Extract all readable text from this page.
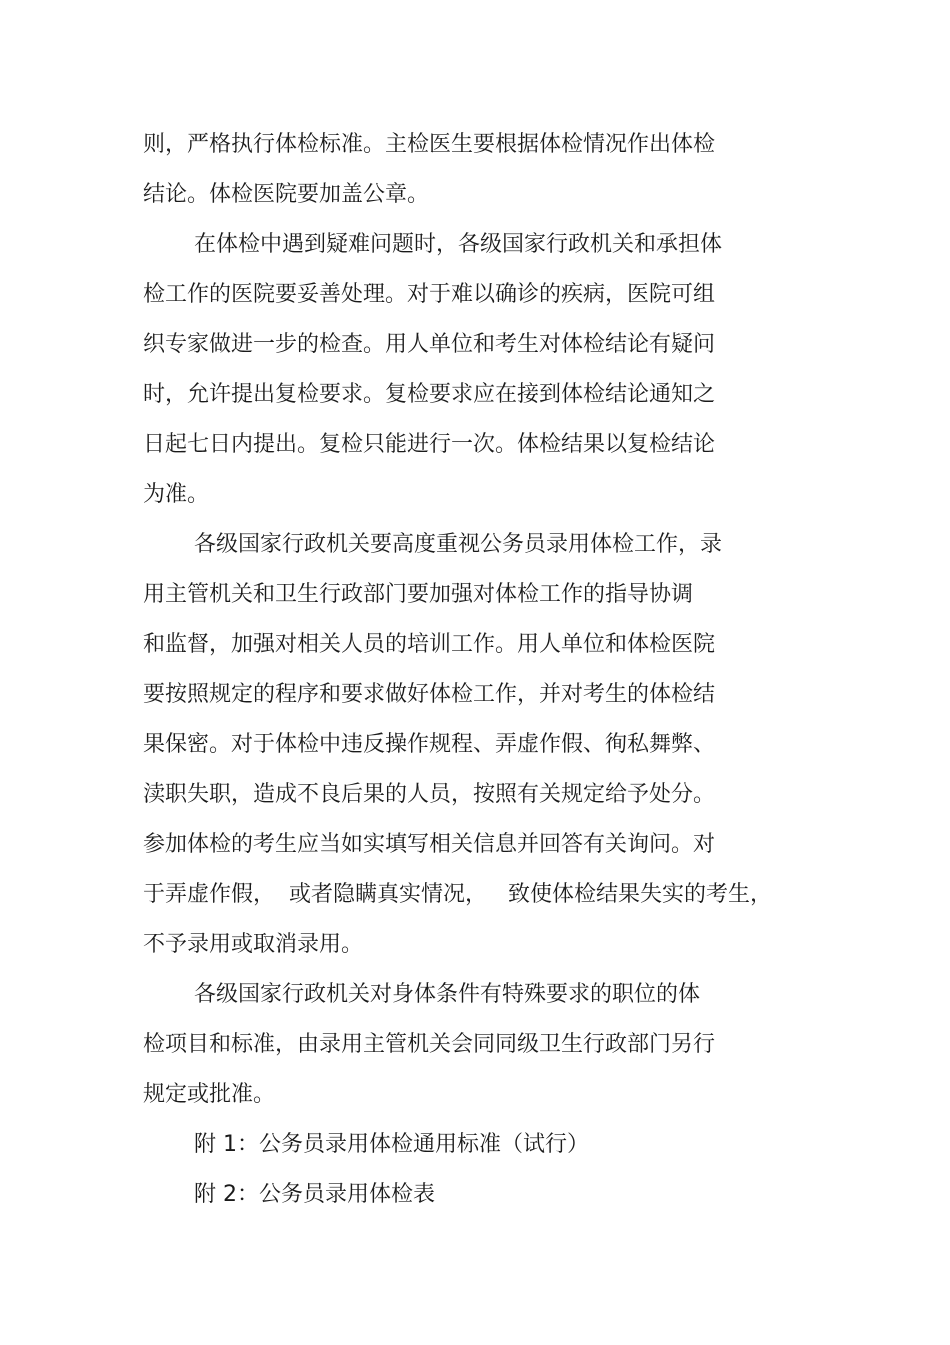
则，严格执行体检标准。主检医生要根据体检情况作出体检

结论。体检医院要加盖公章。

在体检中遇到疑难问题时，各级国家行政机关和承担体

检工作的医院要妥善处理。对于难以确诊的疾病，医院可组

织专家做进一步的检查。用人单位和考生对体检结论有疑问

时，允许提出复检要求。复检要求应在接到体检结论通知之

日起七日内提出。复检只能进行一次。体检结果以复检结论

为准。

各级国家行政机关要高度重视公务员录用体检工作，录

用主管机关和卫生行政部门要加强对体检工作的指导协调

和监督，加强对相关人员的培训工作。用人单位和体检医院

要按照规定的程序和要求做好体检工作，并对考生的体检结

果保密。对于体检中违反操作规程、弄虚作假、徇私舞弊、

渎职失职，造成不良后果的人员，按照有关规定给予处分。

参加体检的考生应当如实填写相关信息并回答有关询问。对

于弄虚作假，  或者隐瞒真实情况，   致使体检结果失实的考生，

不予录用或取消录用。

各级国家行政机关对身体条件有特殊要求的职位的体

检项目和标准，由录用主管机关会同同级卫生行政部门另行

规定或批准。

附 1：公务员录用体检通用标准（试行）

附 2：公务员录用体检表
